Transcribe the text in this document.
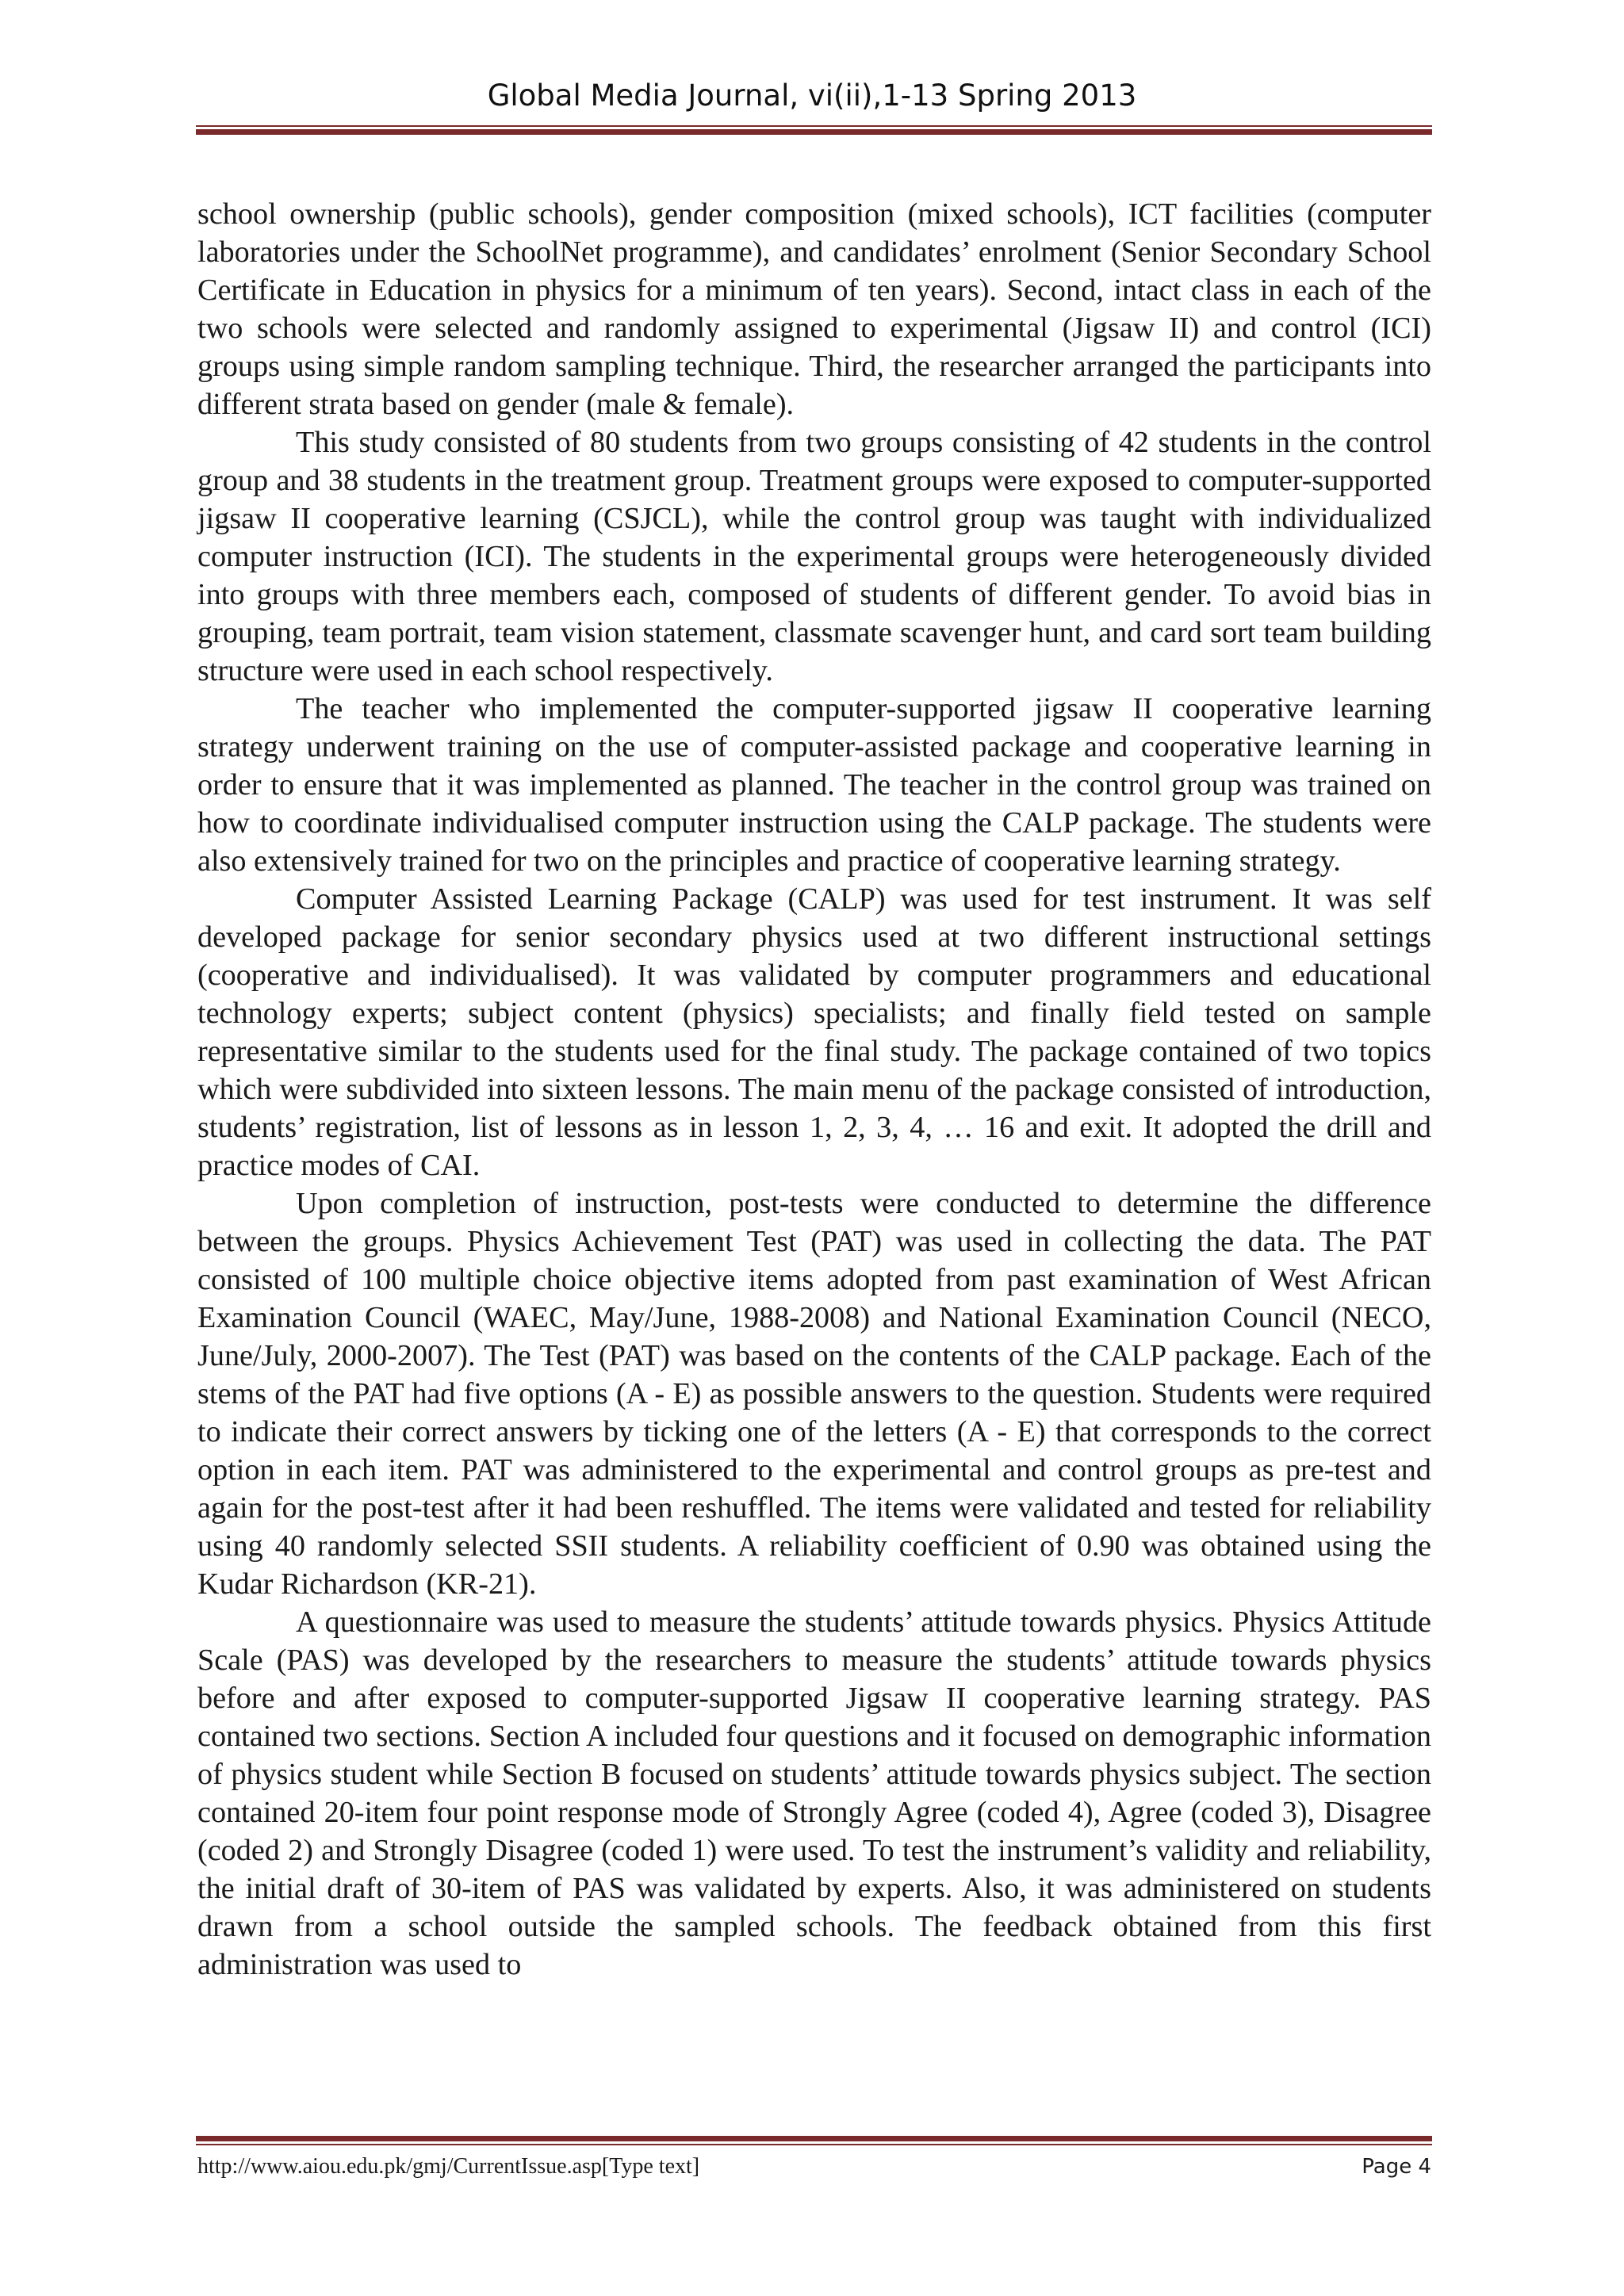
Global Media Journal, vi(ii),1-13 Spring 2013

school ownership (public schools), gender composition (mixed schools), ICT facilities (computer laboratories under the SchoolNet programme), and candidates’ enrolment (Senior Secondary School Certificate in Education in physics for a minimum of ten years). Second, intact class in each of the two schools were selected and randomly assigned to experimental (Jigsaw II) and control (ICI) groups using simple random sampling technique. Third, the researcher arranged the participants into different strata based on gender (male & female).

This study consisted of 80 students from two groups consisting of 42 students in the control group and 38 students in the treatment group. Treatment groups were exposed to computer-supported jigsaw II cooperative learning (CSJCL), while the control group was taught with individualized computer instruction (ICI). The students in the experimental groups were heterogeneously divided into groups with three members each, composed of students of different gender. To avoid bias in grouping, team portrait, team vision statement, classmate scavenger hunt, and card sort team building structure were used in each school respectively.

The teacher who implemented the computer-supported jigsaw II cooperative learning strategy underwent training on the use of computer-assisted package and cooperative learning in order to ensure that it was implemented as planned. The teacher in the control group was trained on how to coordinate individualised computer instruction using the CALP package. The students were also extensively trained for two on the principles and practice of cooperative learning strategy.

Computer Assisted Learning Package (CALP) was used for test instrument. It was self developed package for senior secondary physics used at two different instructional settings (cooperative and individualised). It was validated by computer programmers and educational technology experts; subject content (physics) specialists; and finally field tested on sample representative similar to the students used for the final study. The package contained of two topics which were subdivided into sixteen lessons. The main menu of the package consisted of introduction, students’ registration, list of lessons as in lesson 1, 2, 3, 4, … 16 and exit. It adopted the drill and practice modes of CAI.

Upon completion of instruction, post-tests were conducted to determine the difference between the groups. Physics Achievement Test (PAT) was used in collecting the data. The PAT consisted of 100 multiple choice objective items adopted from past examination of West African Examination Council (WAEC, May/June, 1988-2008) and National Examination Council (NECO, June/July, 2000-2007). The Test (PAT) was based on the contents of the CALP package. Each of the stems of the PAT had five options (A - E) as possible answers to the question. Students were required to indicate their correct answers by ticking one of the letters (A - E) that corresponds to the correct option in each item. PAT was administered to the experimental and control groups as pre-test and again for the post-test after it had been reshuffled. The items were validated and tested for reliability using 40 randomly selected SSII students. A reliability coefficient of 0.90 was obtained using the Kudar Richardson (KR-21).

A questionnaire was used to measure the students’ attitude towards physics. Physics Attitude Scale (PAS) was developed by the researchers to measure the students’ attitude towards physics before and after exposed to computer-supported Jigsaw II cooperative learning strategy. PAS contained two sections. Section A included four questions and it focused on demographic information of physics student while Section B focused on students’ attitude towards physics subject. The section contained 20-item four point response mode of Strongly Agree (coded 4), Agree (coded 3), Disagree (coded 2) and Strongly Disagree (coded 1) were used. To test the instrument’s validity and reliability, the initial draft of 30-item of PAS was validated by experts. Also, it was administered on students drawn from a school outside the sampled schools. The feedback obtained from this first administration was used to

http://www.aiou.edu.pk/gmj/CurrentIssue.asp[Type text]	Page 4
